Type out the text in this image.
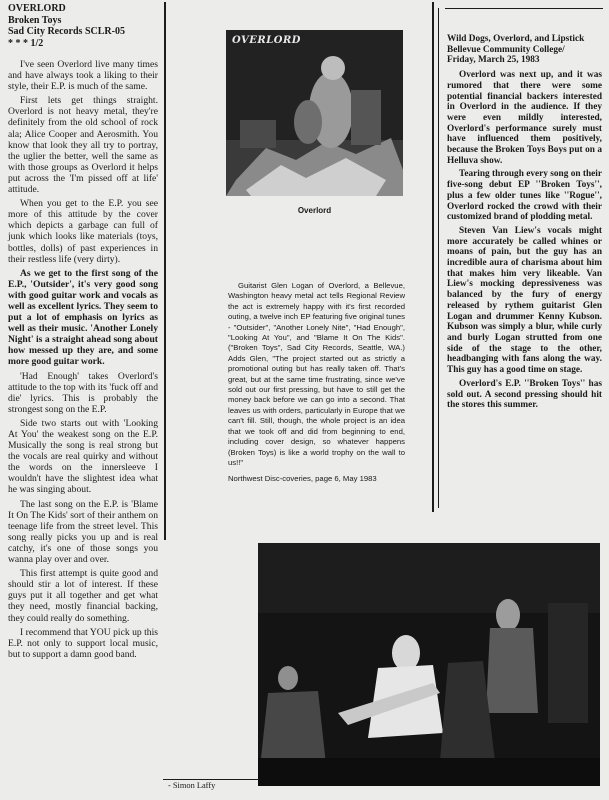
OVERLORD
Broken Toys
Sad City Records SCLR-05
* * * 1/2

I've seen Overlord live many times and have always took a liking to their style, their E.P. is much of the same.

First lets get things straight. Overlord is not heavy metal, they're definitely from the old school of rock ala; Alice Cooper and Aerosmith. You know that look they all try to portray, the uglier the better, well the same as with those groups as Overlord it helps put across the 'I'm pissed off at life' attitude.

When you get to the E.P. you see more of this attitude by the cover which depicts a garbage can full of junk which looks like materials (toys, bottles, dolls) of past experiences in their restless life (very dirty).

As we get to the first song of the E.P., 'Outsider', it's very good song with good guitar work and vocals as well as excellent lyrics. They seem to put a lot of emphasis on lyrics as well as their music. 'Another Lonely Night' is a straight ahead song about how messed up they are, and some more good guitar work.

'Had Enough' takes Overlord's attitude to the top with its 'fuck off and die' lyrics. This is probably the strongest song on the E.P.

Side two starts out with 'Looking At You' the weakest song on the E.P. Musically the song is real strong but the vocals are real quirky and without the words on the innersleeve I wouldn't have the slightest idea what he was singing about.

The last song on the E.P. is 'Blame It On The Kids' sort of their anthem on teenage life from the street level. This song really picks you up and is real catchy, it's one of those songs you wanna play over and over.

This first attempt is quite good and should stir a lot of interest. If these guys put it all together and get what they need, mostly financial backing, they could really do something.

I recommend that YOU pick up this E.P. not only to support local music, but to support a damn good band.

OVERLORD
Overlord

Guitarist Glen Logan of Overlord, a Bellevue, Washington heavy metal act tells Regional Review the act is extremely happy with it's first recorded outing, a twelve inch EP featuring five original tunes - "Outsider", "Another Lonely Nite", "Had Enough", "Looking At You", and "Blame It On The Kids". ("Broken Toys", Sad City Records, Seattle, WA.) Adds Glen, "The project started out as strictly a promotional outing but has really taken off. That's great, but at the same time frustrating, since we've sold out our first pressing, but have to still get the money back before we can go into a second. That leaves us with orders, particularly in Europe that we can't fill. Still, though, the whole project is an idea that we took off and did from beginning to end, including cover design, so whatever happens (Broken Toys) is like a world trophy on the wall to us!!"

Northwest Disc-coveries, page 6, May 1983

Wild Dogs, Overlord, and Lipstick
Bellevue Community College/
Friday, March 25, 1983

Overlord was next up, and it was rumored that there were some potential financial backers interested in Overlord in the audience. If they were even mildly interested, Overlord's performance surely must have influenced them positively, because the Broken Toys Boys put on a Helluva show.

Tearing through every song on their five-song debut EP ''Broken Toys'', plus a few older tunes like ''Rogue'', Overlord rocked the crowd with their customized brand of plodding metal.

Steven Van Liew's vocals might more accurately be called whines or moans of pain, but the guy has an incredible aura of charisma about him that makes him very likeable. Van Liew's mocking depressiveness was balanced by the fury of energy released by rythem guitarist Glen Logan and drummer Kenny Kubson. Kubson was simply a blur, while curly and burly Logan strutted from one side of the stage to the other, headbanging with fans along the way. This guy has a good time on stage.

Overlord's E.P. ''Broken Toys'' has sold out. A second pressing should hit the stores this summer.

- Simon Laffy
